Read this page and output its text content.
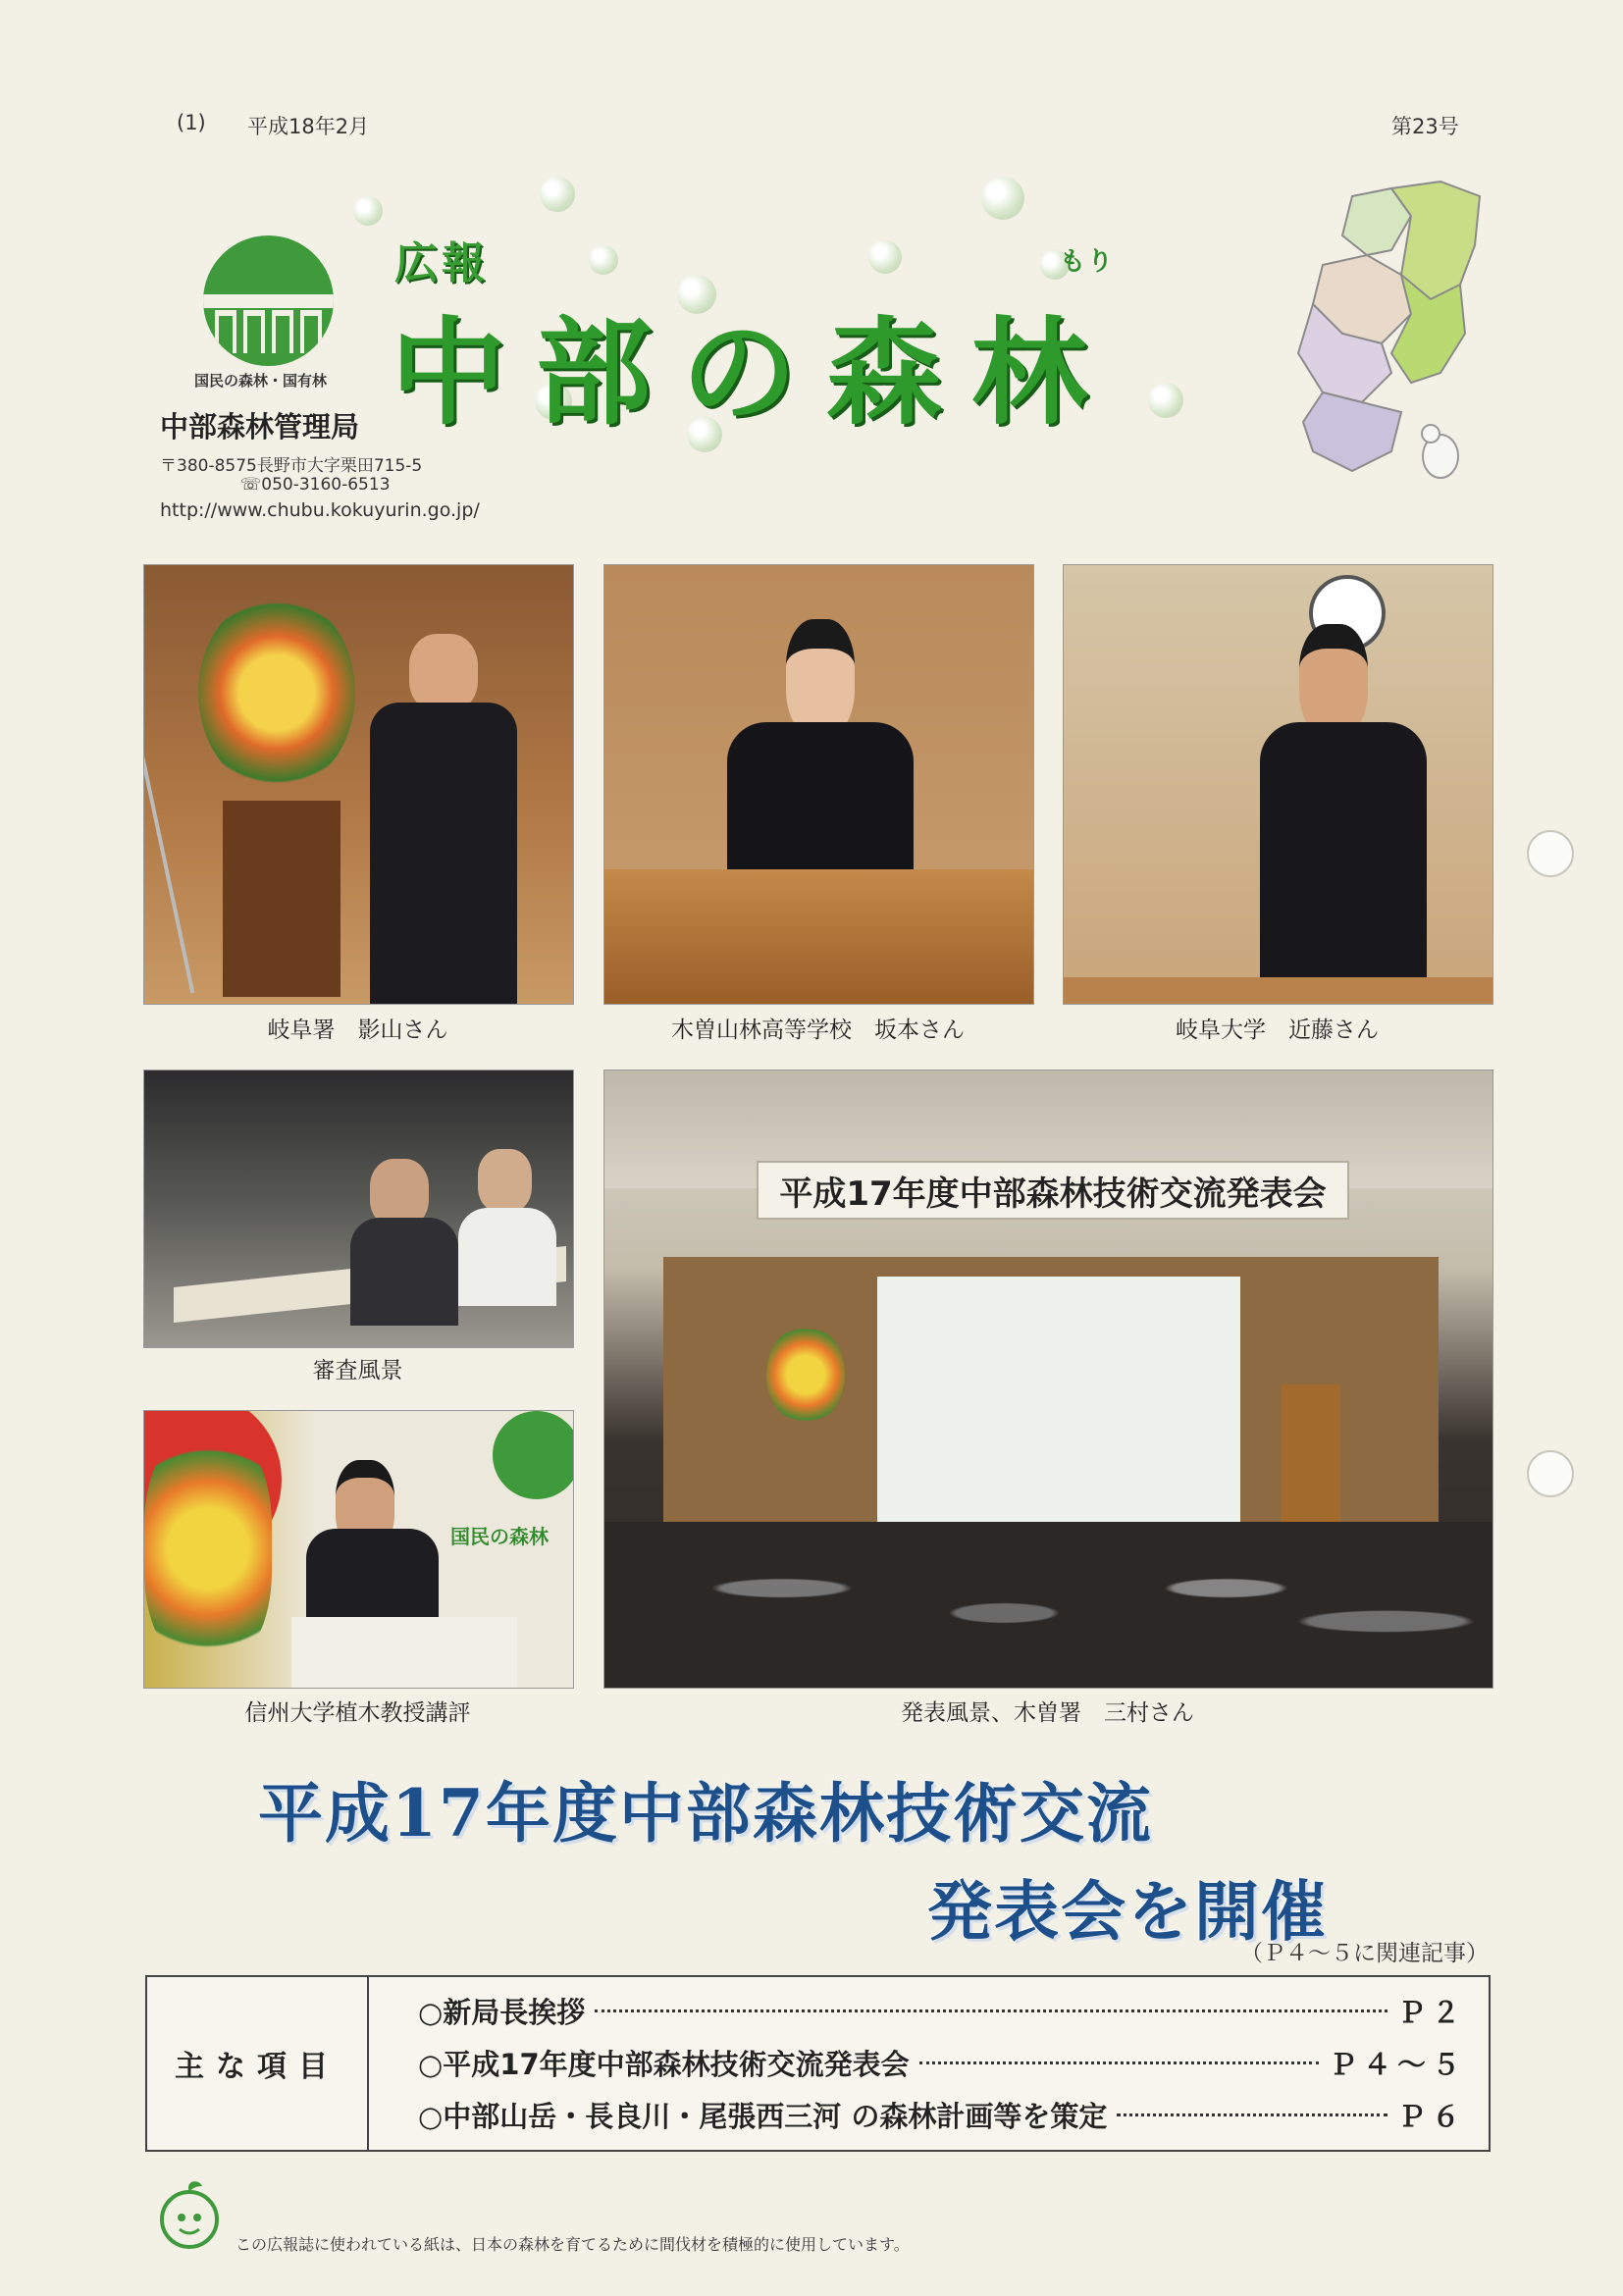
(1) 平成18年2月	第23号
国民の森林・国有林
中部森林管理局
〒380-8575長野市大字栗田715-5
☏050-3160-6513
http://www.chubu.kokuyurin.go.jp/
広報
中部の森林
もり
岐阜署　影山さん	木曽山林高等学校　坂本さん	岐阜大学　近藤さん
審査風景
国民の森林
信州大学植木教授講評
平成17年度中部森林技術交流発表会
発表風景、木曽署　三村さん
平成17年度中部森林技術交流
発表会を開催
（Ｐ４～５に関連記事）
主な項目
○新局長挨拶	Ｐ２
○平成17年度中部森林技術交流発表会	Ｐ４～５
○中部山岳・長良川・尾張西三河 の森林計画等を策定	Ｐ６
この広報誌に使われている紙は、日本の森林を育てるために間伐材を積極的に使用しています。
